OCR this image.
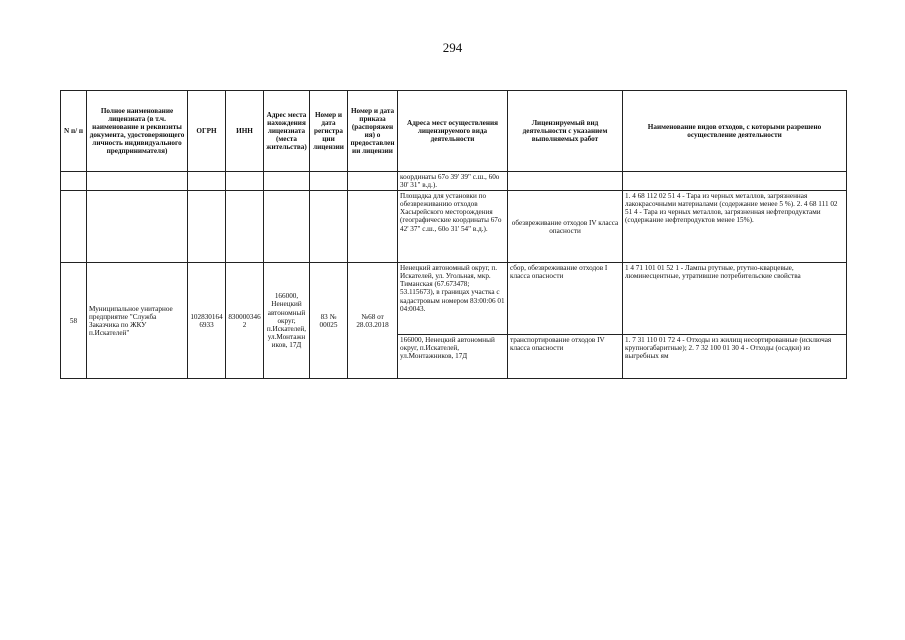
294
N п/ п	Полное наименование лицензиата (в т.ч. наименование и реквизиты документа, удостоверяющего личность индивидуального предпринимателя)	ОГРН	ИНН	Адрес места нахождения лицензиата (места жительства)	Номер и дата регистрации лицензии	Номер и дата приказа (распоряжения) о предоставлении лицензии	Адреса мест осуществления лицензируемого вида деятельности	Лицензируемый вид деятельности с указанием выполняемых работ	Наименование видов отходов, с которыми разрешено осуществление деятельности
							координаты 67о 39' 39" с.ш., 60о 30' 31" в.д.).		
							Площадка для установки по обезвреживанию отходов Хасырейского месторождения (географические координаты 67о 42' 37" с.ш., 60о 31' 54" в.д.).	обезвреживание отходов IV класса опасности	1. 4 68 112 02 51 4 - Тара из черных металлов, загрязненная лакокрасочными материалами (содержание менее 5 %). 2. 4 68 111 02 51 4 - Тара из черных металлов, загрязненная нефтепродуктами (содержание нефтепродуктов менее 15%).
58	Муниципальное унитарное предприятие "Служба Заказчика по ЖКУ п.Искателей"	1028301646933	8300003462	166000, Ненецкий автономный округ, п.Искателей, ул.Монтажников, 17Д	83 № 00025	№68 от 28.03.2018	Ненецкий автономный округ, п. Искателей, ул. Угольная, мкр. Тиманская (67.673478; 53.115673), в границах участка с кадастровым номером 83:00:06 01 04:0043.	сбор, обезвреживание отходов I класса опасности	1 4 71 101 01 52 1 - Лампы ртутные, ртутно-кварцевые, люминесцентные, утратившие потребительские свойства
							166000, Ненецкий автономный округ, п.Искателей, ул.Монтажников, 17Д	транспортирование отходов IV класса опасности	1. 7 31 110 01 72 4 - Отходы из жилищ несортированные (исключая крупногабаритные); 2. 7 32 100 01 30 4 - Отходы (осадки) из выгребных ям
